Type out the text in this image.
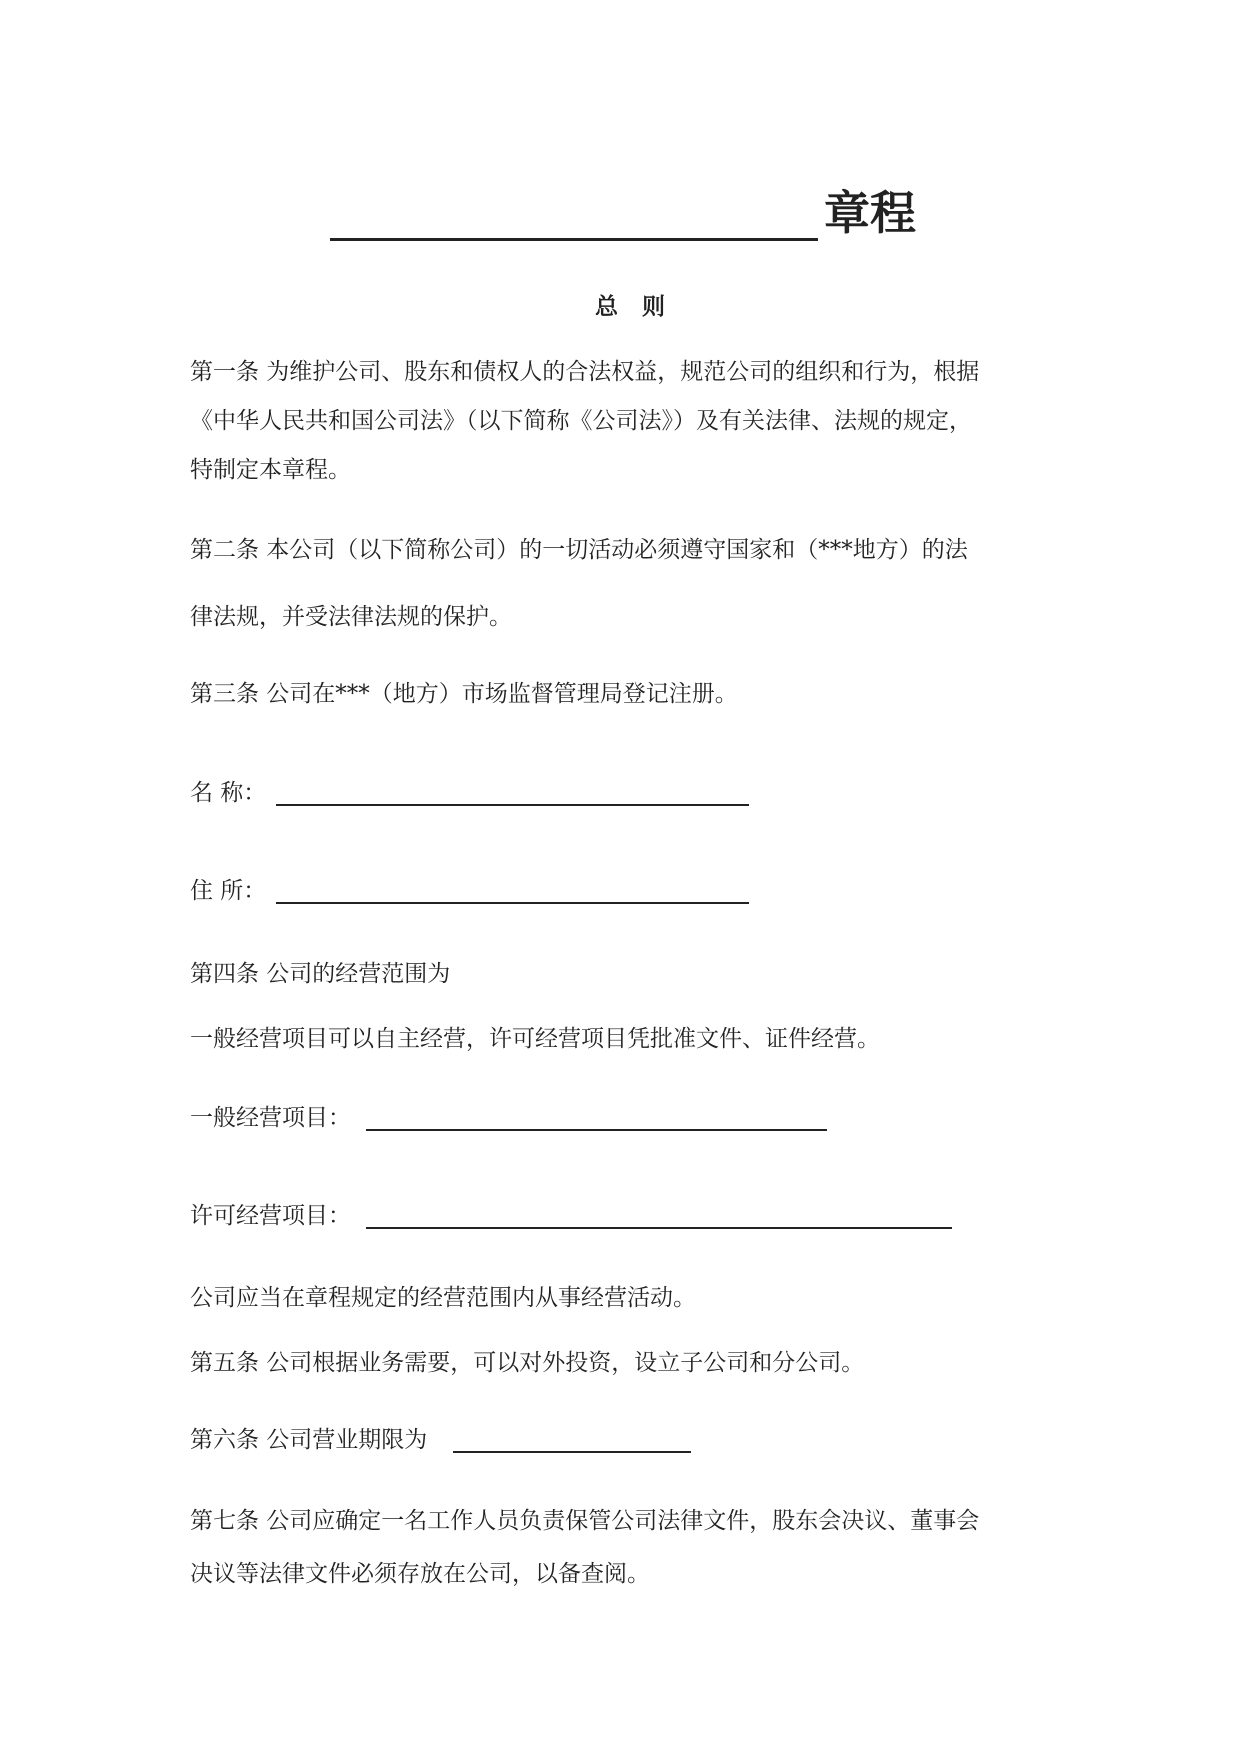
章程
总 则
第一条 为维护公司、股东和债权人的合法权益，规范公司的组织和行为，根据
《中华人民共和国公司法》（以下简称《公司法》）及有关法律、法规的规定，
特制定本章程。
第二条 本公司（以下简称公司）的一切活动必须遵守国家和（***地方）的法
律法规，并受法律法规的保护。
第三条 公司在***（地方）市场监督管理局登记注册。
名 称：
住 所：
第四条 公司的经营范围为
一般经营项目可以自主经营，许可经营项目凭批准文件、证件经营。
一般经营项目：
许可经营项目：
公司应当在章程规定的经营范围内从事经营活动。
第五条 公司根据业务需要，可以对外投资，设立子公司和分公司。
第六条 公司营业期限为
第七条 公司应确定一名工作人员负责保管公司法律文件，股东会决议、董事会
决议等法律文件必须存放在公司，以备查阅。
